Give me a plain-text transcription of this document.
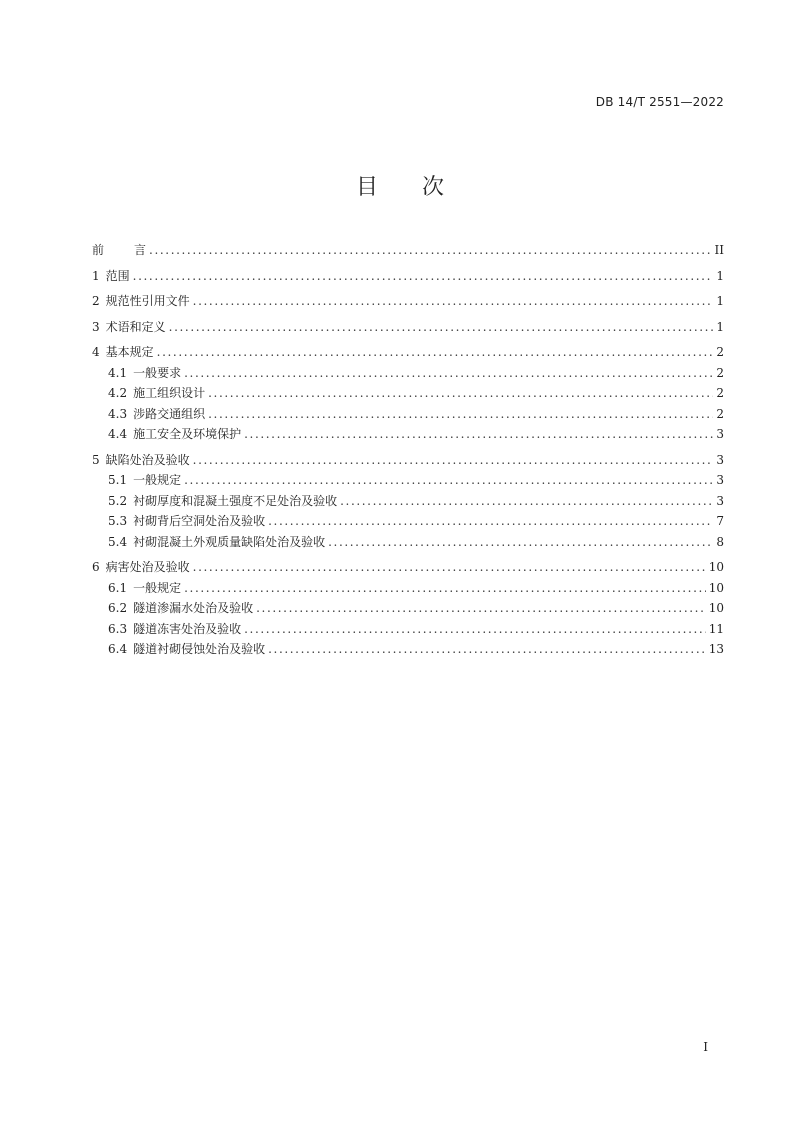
DB 14/T 2551—2022
目 次
前	言 .....	II
1 范围 .....	1
2 规范性引用文件 .....	1
3 术语和定义 .....	1
4 基本规定 .....	2
4.1 一般要求 .....	2
4.2 施工组织设计 .....	2
4.3 涉路交通组织 .....	2
4.4 施工安全及环境保护 .....	3
5 缺陷处治及验收 .....	3
5.1 一般规定 .....	3
5.2 衬砌厚度和混凝土强度不足处治及验收 .....	3
5.3 衬砌背后空洞处治及验收 .....	7
5.4 衬砌混凝土外观质量缺陷处治及验收 .....	8
6 病害处治及验收 .....	10
6.1 一般规定 .....	10
6.2 隧道渗漏水处治及验收 .....	10
6.3 隧道冻害处治及验收 .....	11
6.4 隧道衬砌侵蚀处治及验收 .....	13
I
